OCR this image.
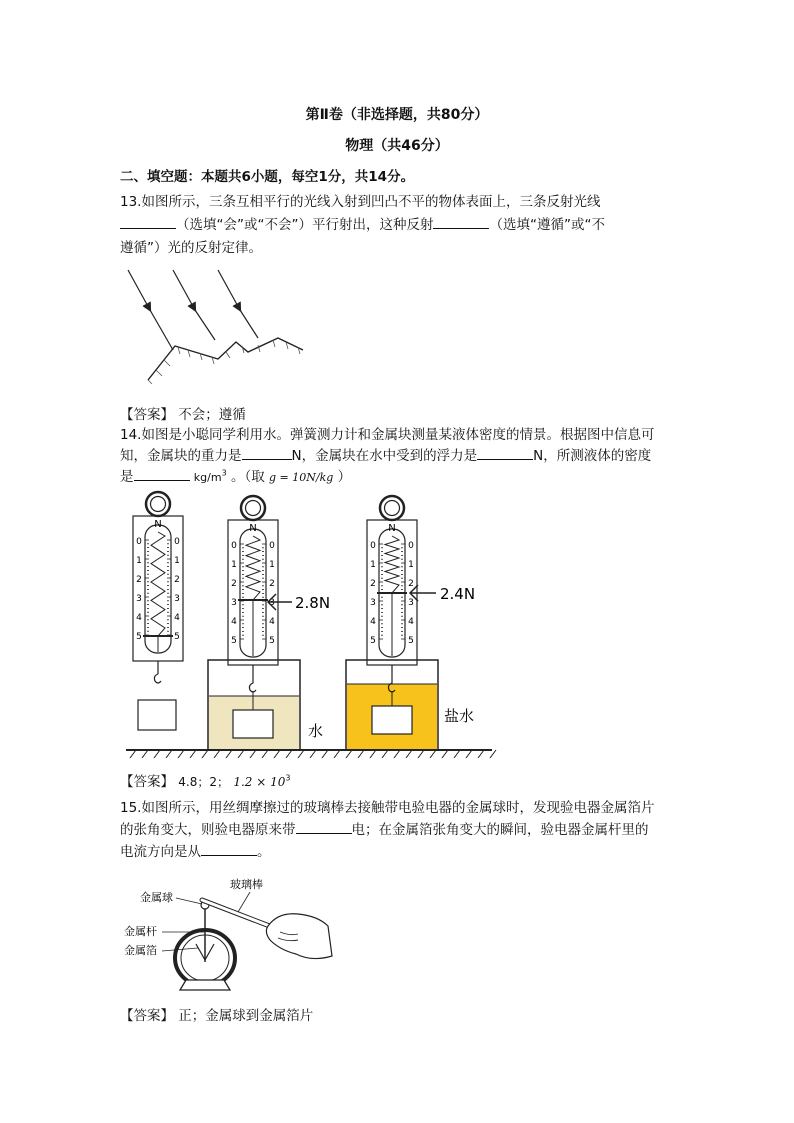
第Ⅱ卷（非选择题，共80分）
物理（共46分）
二、填空题：本题共6小题，每空1分，共14分。
13.如图所示，三条互相平行的光线入射到凹凸不平的物体表面上，三条反射光线
（选填“会”或“不会”）平行射出，这种反射	（选填“遵循”或“不
遵循”）光的反射定律。
【答案】 不会；遵循
14.如图是小聪同学利用水。弹簧测力计和金属块测量某液体密度的情景。根据图中信息可
知，金属块的重力是	N，金属块在水中受到的浮力是	N，所测液体的密度
是	$kg/m^3$ 。（取 g = 10N/kg ）
N	N	N
0	0
1	1
2	2
3	3
4	4
5	5
0	0
1	1
2	2
3	3
4	4
5	5
0	0
1	1
2	2
3	3
4	4
5	5
水
盐水
2.8N	2.4N
【答案】 4.8；2； $1.2 \times 10^3$
15.如图所示，用丝绸摩擦过的玻璃棒去接触带电验电器的金属球时，发现验电器金属箔片
的张角变大，则验电器原来带	电；在金属箔张角变大的瞬间，验电器金属杆里的
电流方向是从	。
金属球
玻璃棒
金属杆
金属箔
【答案】 正；金属球到金属箔片
